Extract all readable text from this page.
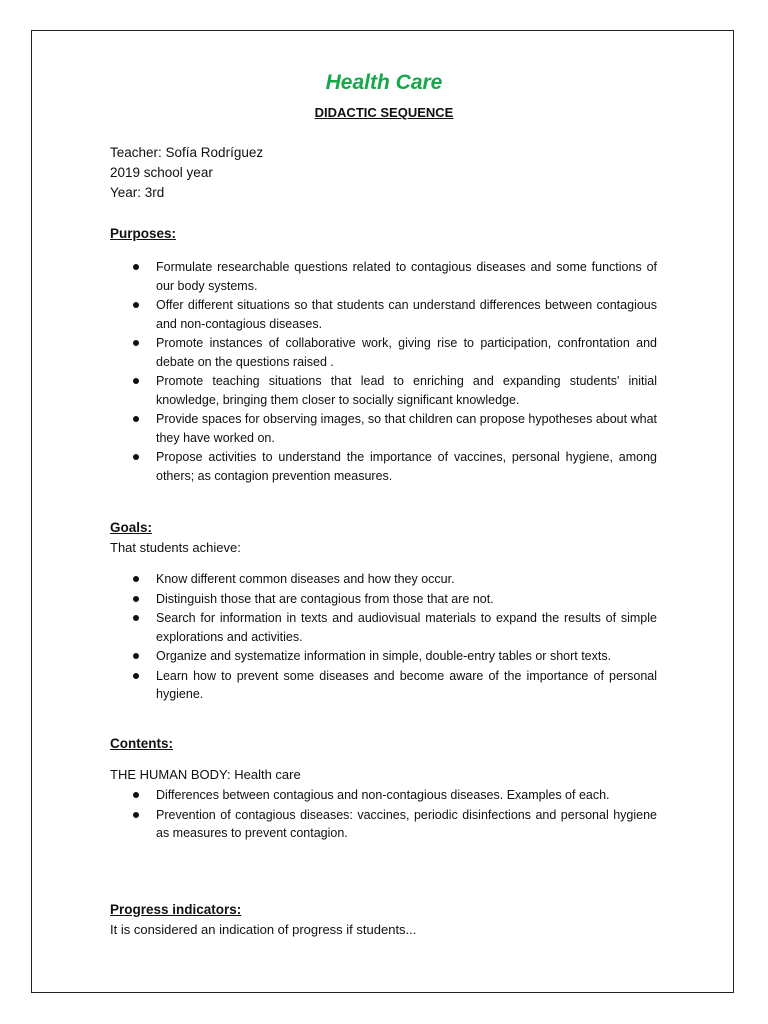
Health Care
DIDACTIC SEQUENCE
Teacher: Sofía Rodríguez
2019 school year
Year: 3rd
Purposes:
Formulate researchable questions related to contagious diseases and some functions of our body systems.
Offer different situations so that students can understand differences between contagious and non-contagious diseases.
Promote instances of collaborative work, giving rise to participation, confrontation and debate on the questions raised .
Promote teaching situations that lead to enriching and expanding students' initial knowledge, bringing them closer to socially significant knowledge.
Provide spaces for observing images, so that children can propose hypotheses about what they have worked on.
Propose activities to understand the importance of vaccines, personal hygiene, among others; as contagion prevention measures.
Goals:
That students achieve:
Know different common diseases and how they occur.
Distinguish those that are contagious from those that are not.
Search for information in texts and audiovisual materials to expand the results of simple explorations and activities.
Organize and systematize information in simple, double-entry tables or short texts.
Learn how to prevent some diseases and become aware of the importance of personal hygiene.
Contents:
THE HUMAN BODY: Health care
Differences between contagious and non-contagious diseases. Examples of each.
Prevention of contagious diseases: vaccines, periodic disinfections and personal hygiene as measures to prevent contagion.
Progress indicators:
It is considered an indication of progress if students...
